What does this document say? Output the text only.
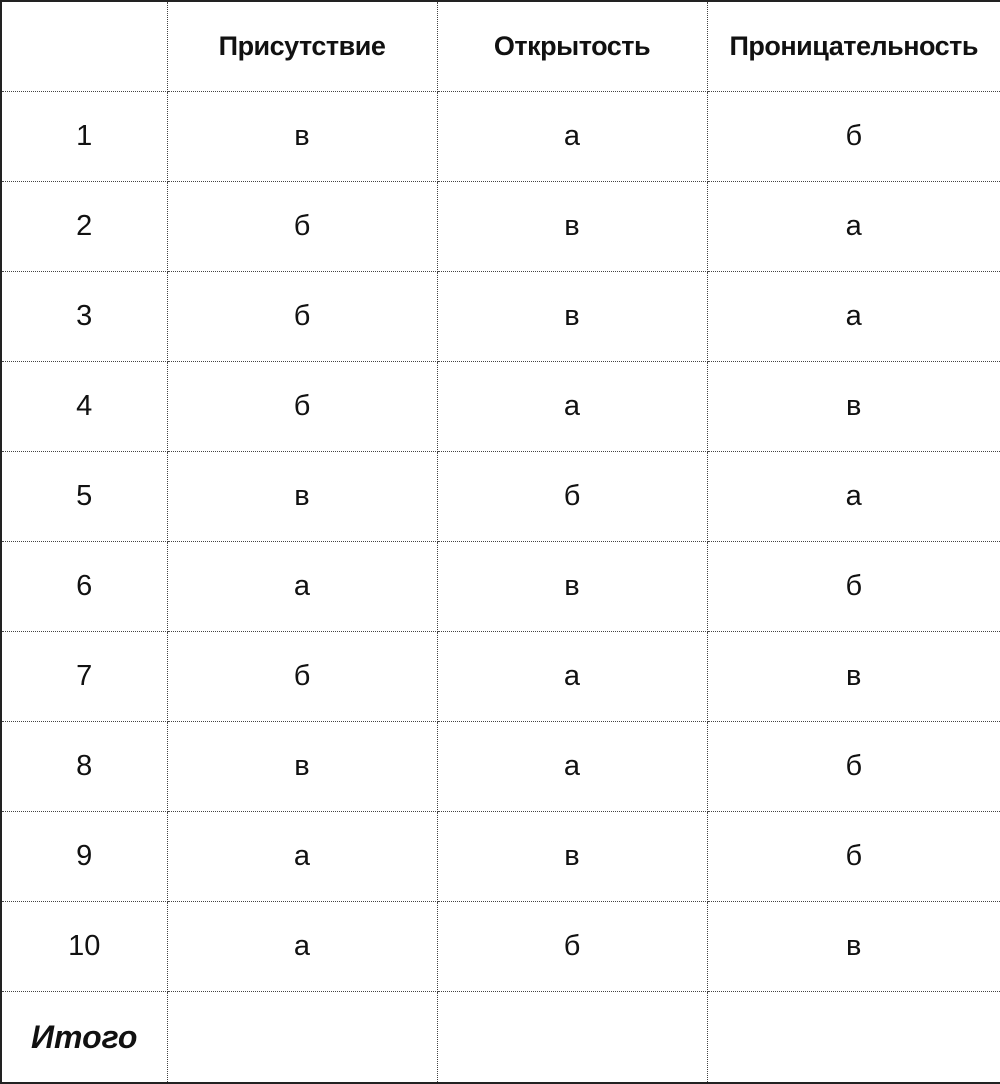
	Присутствие	Открытость	Проницательность
1	в	а	б
2	б	в	а
3	б	в	а
4	б	а	в
5	в	б	а
6	а	в	б
7	б	а	в
8	в	а	б
9	а	в	б
10	а	б	в
Итого			
